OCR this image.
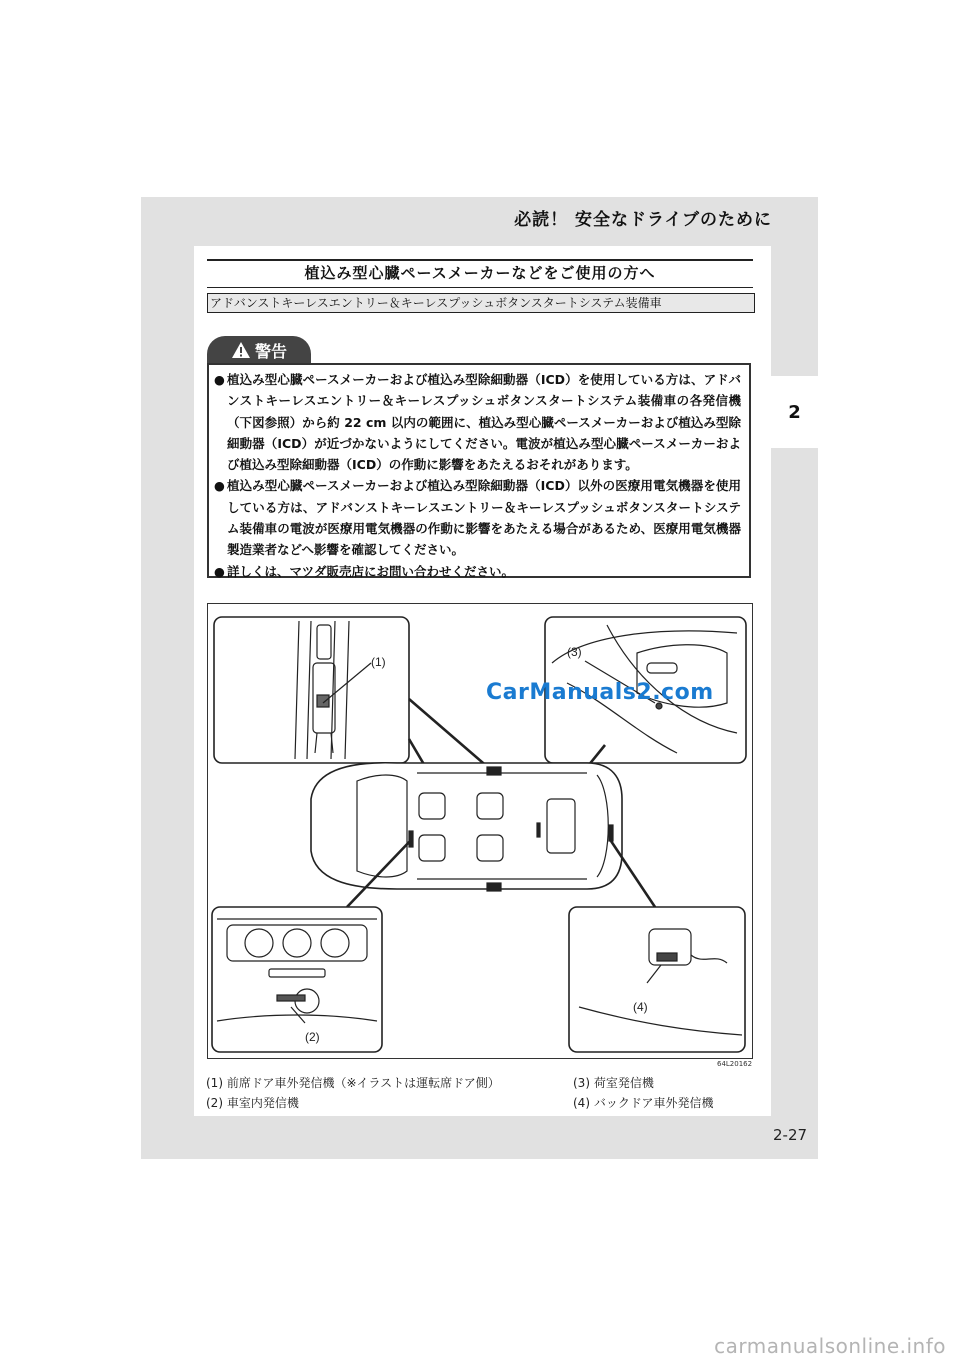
必読！ 安全なドライブのために
2
植込み型心臓ペースメーカーなどをご使用の方へ
アドバンストキーレスエントリー＆キーレスプッシュボタンスタートシステム装備車
警告
● 植込み型心臓ペースメーカーおよび植込み型除細動器（ICD）を使用している方は、アドバンストキーレスエントリー＆キーレスプッシュボタンスタートシステム装備車の各発信機（下図参照）から約 22 cm 以内の範囲に、植込み型心臓ペースメーカーおよび植込み型除細動器（ICD）が近づかないようにしてください。電波が植込み型心臓ペースメーカーおよび植込み型除細動器（ICD）の作動に影響をあたえるおそれがあります。
● 植込み型心臓ペースメーカーおよび植込み型除細動器（ICD）以外の医療用電気機器を使用している方は、アドバンストキーレスエントリー＆キーレスプッシュボタンスタートシステム装備車の電波が医療用電気機器の作動に影響をあたえる場合があるため、医療用電気機器製造業者などへ影響を確認してください。
● 詳しくは、マツダ販売店にお問い合わせください。
(1)
(3)
(2)
(4)
CarManuals2.com
64L20162
(1) 前席ドア車外発信機（※イラストは運転席ドア側）
(2) 車室内発信機
(3) 荷室発信機
(4) バックドア車外発信機
2-27
carmanualsonline.info
